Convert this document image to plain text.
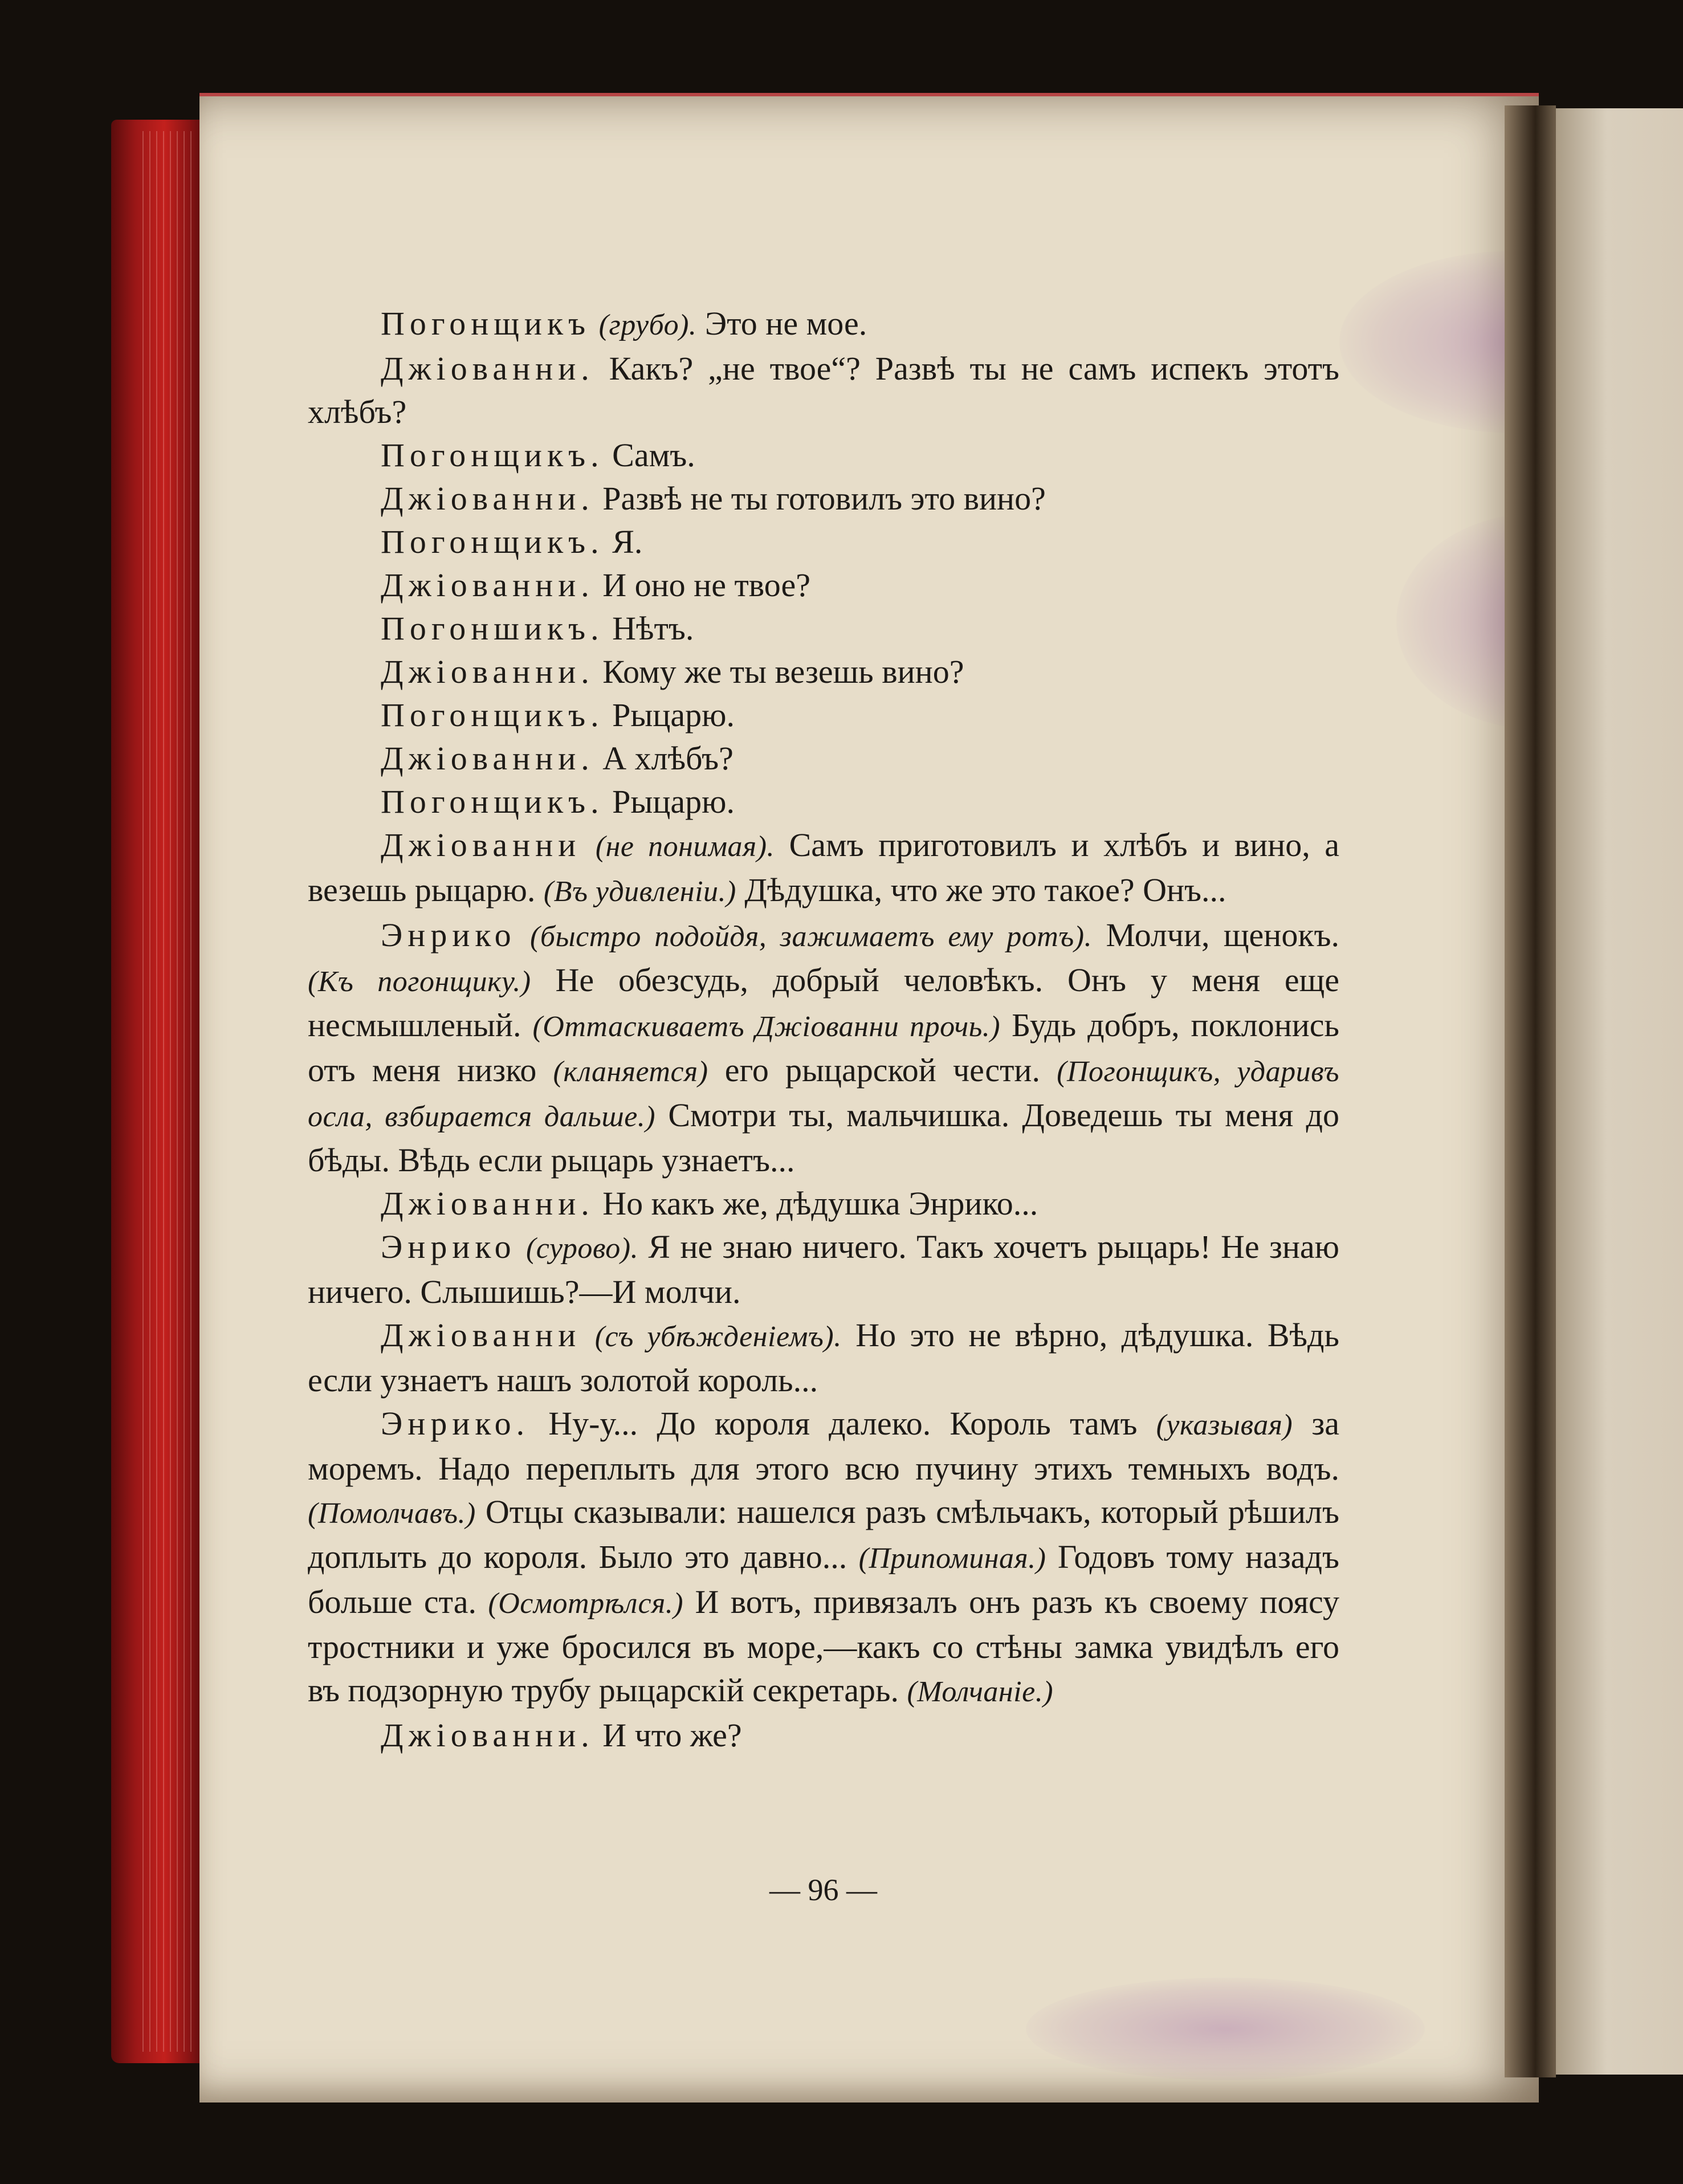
Погонщикъ (грубо). Это не мое.

Джіованни. Какъ? „не твое“? Развѣ ты не самъ испекъ этотъ хлѣбъ?

Погонщикъ. Самъ.

Джіованни. Развѣ не ты готовилъ это вино?

Погонщикъ. Я.

Джіованни. И оно не твое?

Погоншикъ. Нѣтъ.

Джіованни. Кому же ты везешь вино?

Погонщикъ. Рыцарю.

Джіованни. А хлѣбъ?

Погонщикъ. Рыцарю.

Джіованни (не понимая). Самъ приготовилъ и хлѣбъ и вино, а везешь рыцарю. (Въ удивленіи.) Дѣдушка, что же это такое? Онъ...

Энрико (быстро подойдя, зажимаетъ ему ротъ). Молчи, щенокъ. (Къ погонщику.) Не обезсудь, добрый человѣкъ. Онъ у меня еще несмышленый. (Оттаскиваетъ Джіованни прочь.) Будь добръ, поклонись отъ меня низко (кланяется) его рыцарской чести. (Погонщикъ, ударивъ осла, взбирается дальше.) Смотри ты, мальчишка. Доведешь ты меня до бѣды. Вѣдь если рыцарь узнаетъ...

Джіованни. Но какъ же, дѣдушка Энрико...

Энрико (сурово). Я не знаю ничего. Такъ хочетъ рыцарь! Не знаю ничего. Слышишь?—И молчи.

Джіованни (съ убѣжденіемъ). Но это не вѣрно, дѣдушка. Вѣдь если узнаетъ нашъ золотой король...

Энрико. Ну-у... До короля далеко. Король тамъ (указывая) за моремъ. Надо переплыть для этого всю пучину этихъ темныхъ водъ. (Помолчавъ.) Отцы сказывали: нашелся разъ смѣльчакъ, который рѣшилъ доплыть до короля. Было это давно... (Припоминая.) Годовъ тому назадъ больше ста. (Осмотрѣлся.) И вотъ, привязалъ онъ разъ къ своему поясу тростники и уже бросился въ море,—какъ со стѣны замка увидѣлъ его въ подзорную трубу рыцарскій секретарь. (Молчаніе.)

Джіованни. И что же?

— 96 —
